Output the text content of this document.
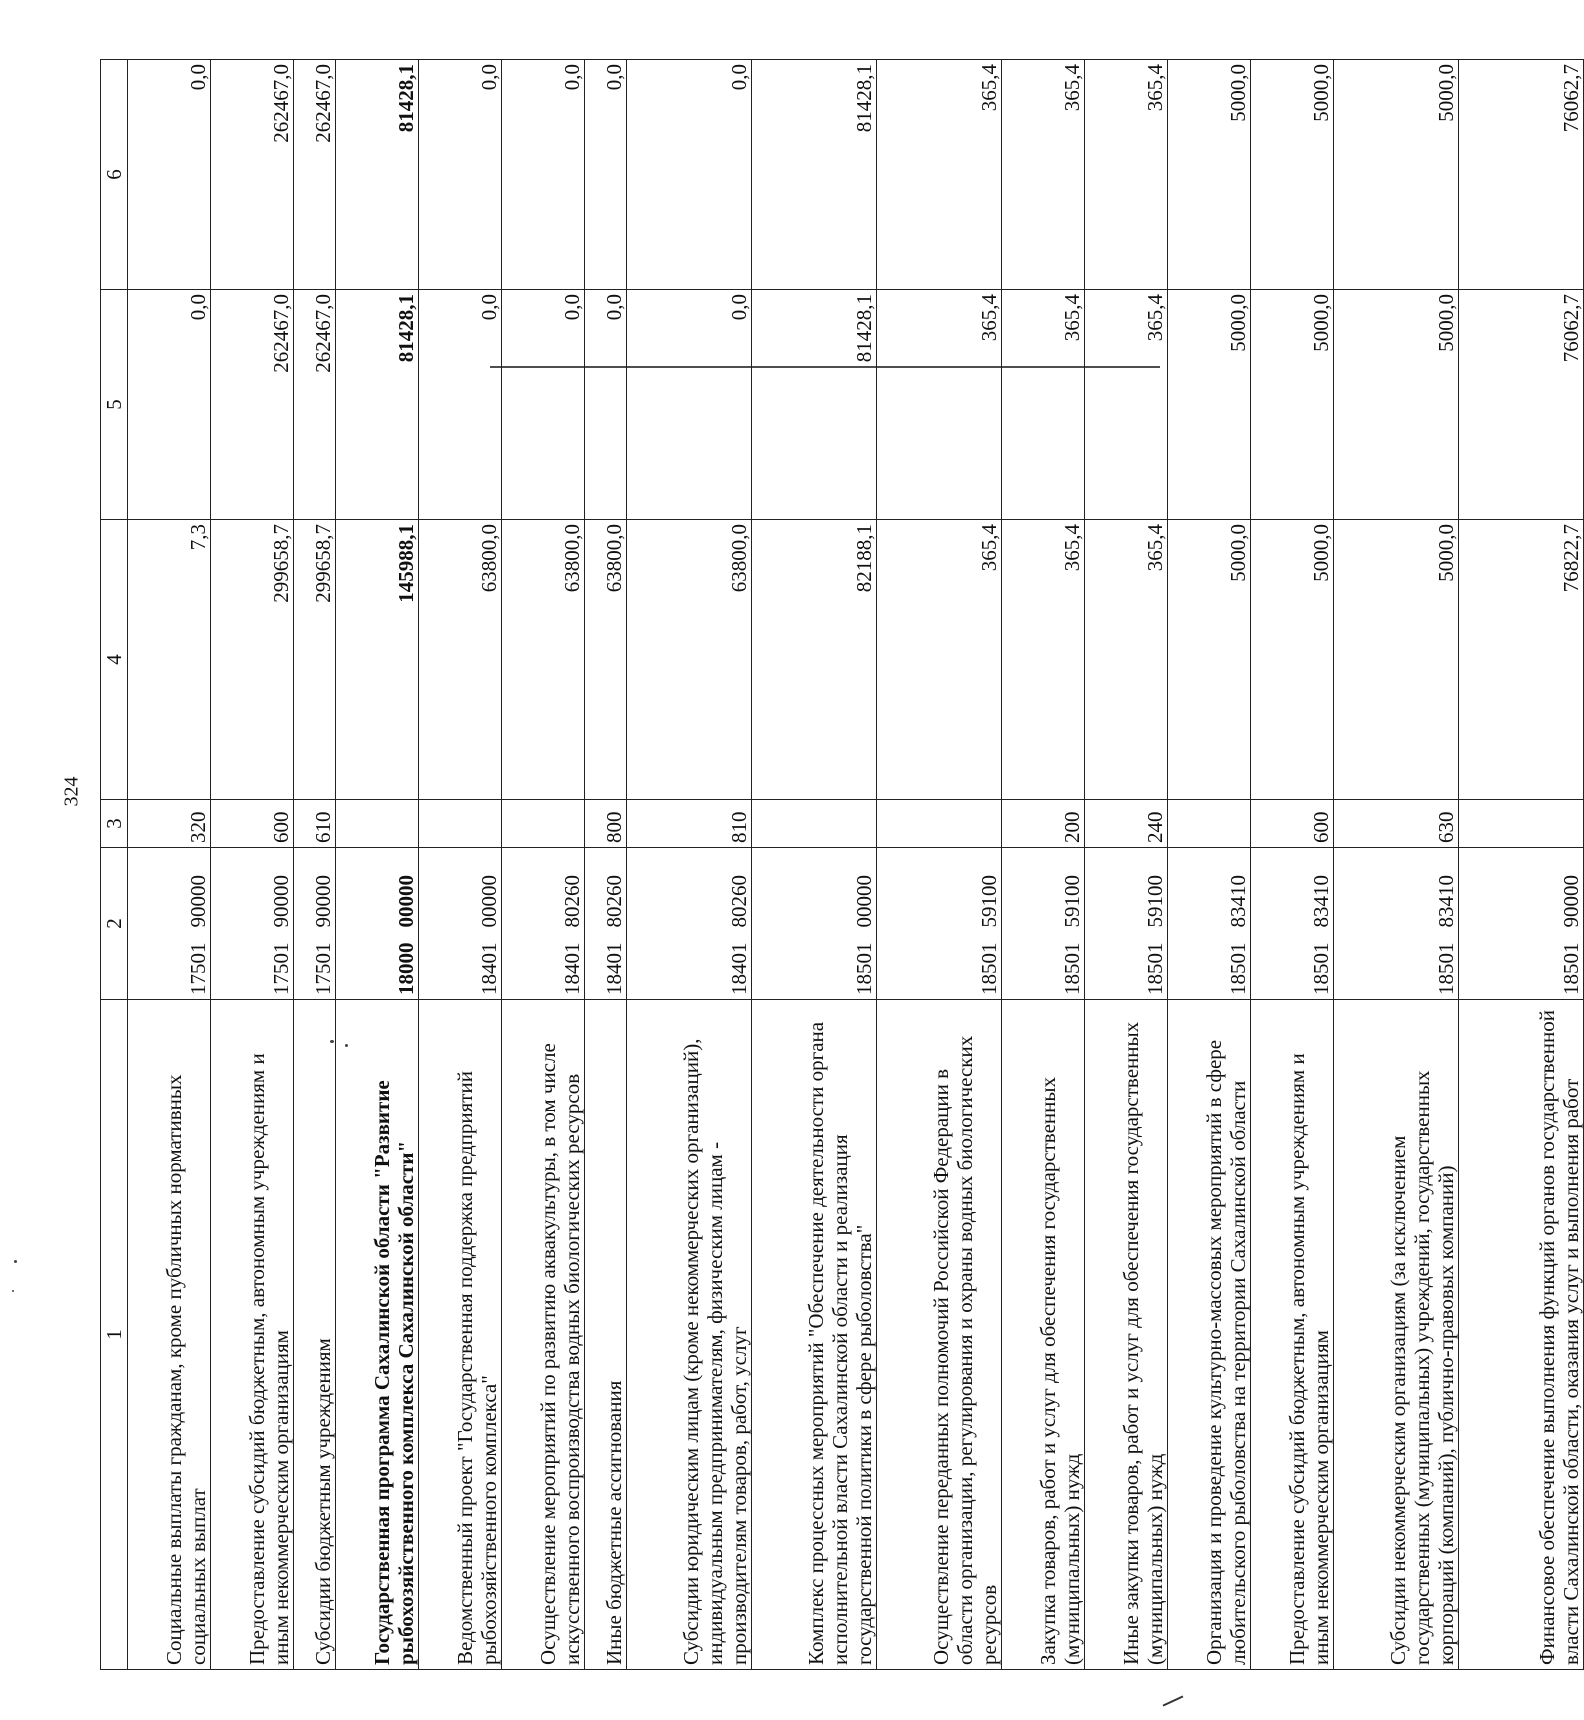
324
1	2		3	4	5	6
Социальные выплаты гражданам, кроме публичных нормативных социальных выплат	17501	90000	320	7,3	0,0	0,0
Предоставление субсидий бюджетным, автономным учреждениям и иным некоммерческим организациям	17501	90000	600	299658,7	262467,0	262467,0
Субсидии бюджетным учреждениям	17501	90000	610	299658,7	262467,0	262467,0
Государственная программа Сахалинской области "Развитие рыбохозяйственного комплекса Сахалинской области"	18000	00000		145988,1	81428,1	81428,1
Ведомственный проект "Государственная поддержка предприятий рыбохозяйственного комплекса"	18401	00000		63800,0	0,0	0,0
Осуществление мероприятий по развитию аквакультуры, в том числе искусственного воспроизводства водных биологических ресурсов	18401	80260		63800,0	0,0	0,0
Иные бюджетные ассигнования	18401	80260	800	63800,0	0,0	0,0
Субсидии юридическим лицам (кроме некоммерческих организаций), индивидуальным предпринимателям, физическим лицам - производителям товаров, работ, услуг	18401	80260	810	63800,0	0,0	0,0
Комплекс процессных мероприятий "Обеспечение деятельности органа исполнительной власти Сахалинской области и реализация государственной политики в сфере рыболовства"	18501	00000		82188,1	81428,1	81428,1
Осуществление переданных полномочий Российской Федерации в области организации, регулирования и охраны водных биологических ресурсов	18501	59100		365,4	365,4	365,4
Закупка товаров, работ и услуг для обеспечения государственных (муниципальных) нужд	18501	59100	200	365,4	365,4	365,4
Иные закупки товаров, работ и услуг для обеспечения государственных (муниципальных) нужд	18501	59100	240	365,4	365,4	365,4
Организация и проведение культурно-массовых мероприятий в сфере любительского рыболовства на территории Сахалинской области	18501	83410		5000,0	5000,0	5000,0
Предоставление субсидий бюджетным, автономным учреждениям и иным некоммерческим организациям	18501	83410	600	5000,0	5000,0	5000,0
Субсидии некоммерческим организациям (за исключением государственных (муниципальных) учреждений, государственных корпораций (компаний), публично-правовых компаний)	18501	83410	630	5000,0	5000,0	5000,0
Финансовое обеспечение выполнения функций органов государственной власти Сахалинской области, оказания услуг и выполнения работ	18501	90000		76822,7	76062,7	76062,7
